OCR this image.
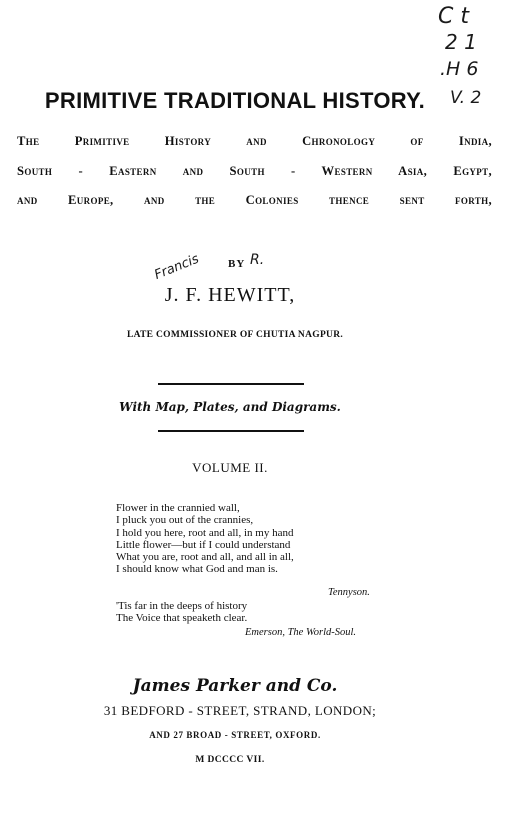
C t
2 1
.H 6
V. 2
PRIMITIVE TRADITIONAL HISTORY.
The Primitive History and Chronology of India,
South - Eastern and South - Western Asia, Egypt,
and Europe, and the Colonies thence sent forth,
BY R.
Francis
J. F. HEWITT,
LATE COMMISSIONER OF CHUTIA NAGPUR.
With Map, Plates, and Diagrams.
VOLUME II.
Flower in the crannied wall,
I pluck you out of the crannies,
I hold you here, root and all, in my hand
Little flower—but if I could understand
What you are, root and all, and all in all,
I should know what God and man is.
Tennyson.
'Tis far in the deeps of history
The Voice that speaketh clear.
Emerson, The World-Soul.
James Parker and Co.
31 BEDFORD - STREET, STRAND, LONDON;
AND 27 BROAD - STREET, OXFORD.
M DCCCC VII.
